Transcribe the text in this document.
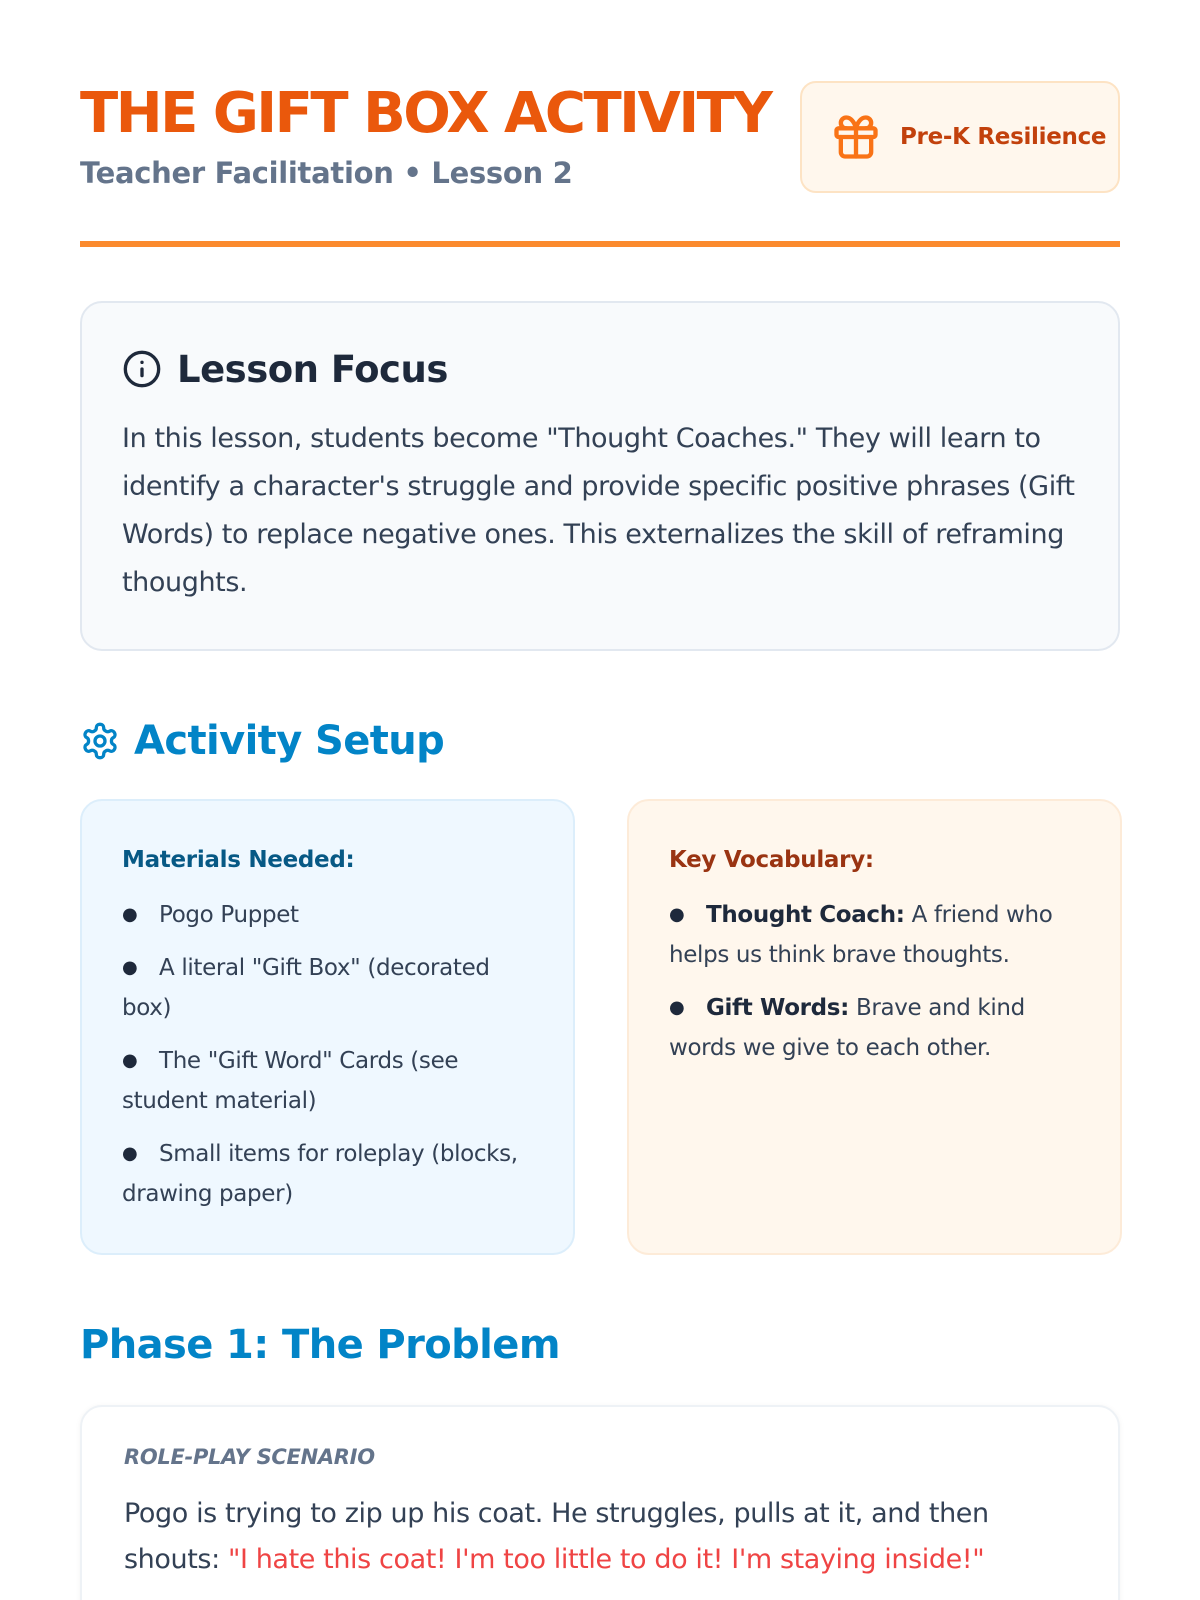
THE GIFT BOX ACTIVITY
Teacher Facilitation • Lesson 2
Pre-K Resilience
Lesson Focus

In this lesson, students become "Thought Coaches." They will learn to identify a character's struggle and provide specific positive phrases (Gift Words) to replace negative ones. This externalizes the skill of reframing thoughts.

Activity Setup
Materials Needed:
● Pogo Puppet
● A literal "Gift Box" (decorated box)
● The "Gift Word" Cards (see student material)
● Small items for roleplay (blocks, drawing paper)
Key Vocabulary:
● Thought Coach: A friend who helps us think brave thoughts.
● Gift Words: Brave and kind words we give to each other.
Phase 1: The Problem
ROLE-PLAY SCENARIO

Pogo is trying to zip up his coat. He struggles, pulls at it, and then shouts: "I hate this coat! I'm too little to do it! I'm staying inside!"
